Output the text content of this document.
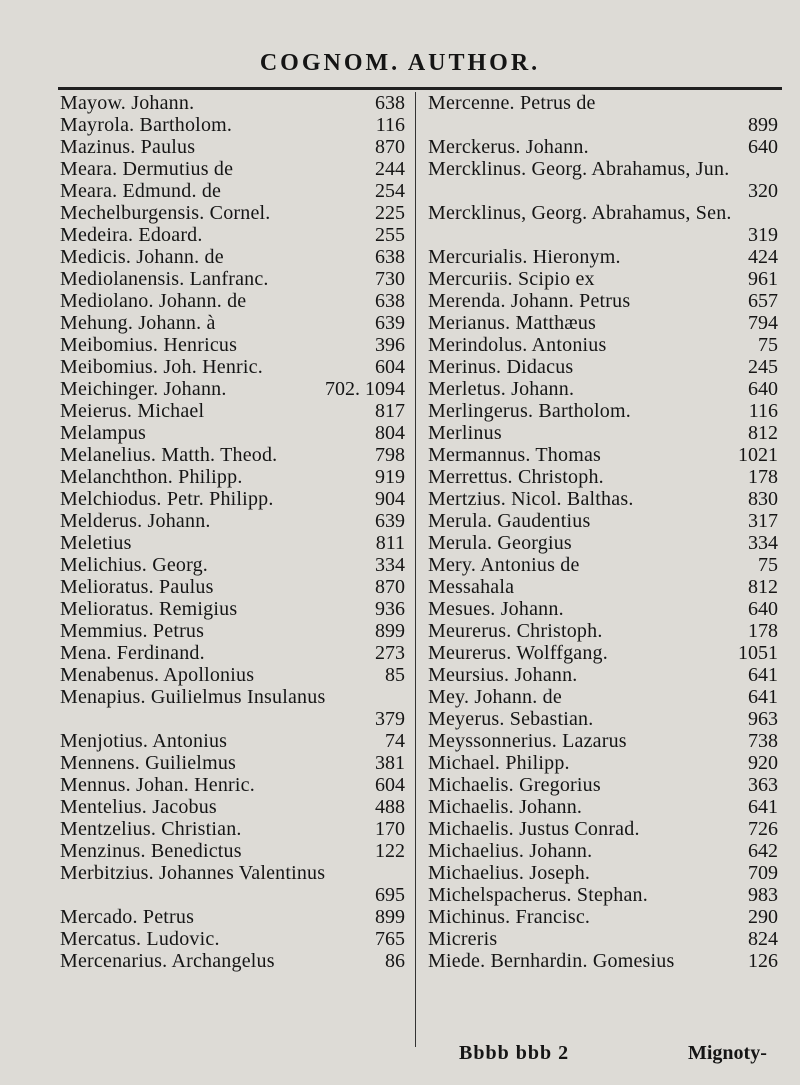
COGNOM. AUTHOR.
Mayow. Johann.	638
Mayrola. Bartholom.	116
Mazinus. Paulus	870
Meara. Dermutius de	244
Meara. Edmund. de	254
Mechelburgensis. Cornel.	225
Medeira. Edoard.	255
Medicis. Johann. de	638
Mediolanensis. Lanfranc.	730
Mediolano. Johann. de	638
Mehung. Johann. à	639
Meibomius. Henricus	396
Meibomius. Joh. Henric.	604
Meichinger. Johann.	702. 1094
Meierus. Michael	817
Melampus	804
Melanelius. Matth. Theod.	798
Melanchthon. Philipp.	919
Melchiodus. Petr. Philipp.	904
Melderus. Johann.	639
Meletius	811
Melichius. Georg.	334
Melioratus. Paulus	870
Melioratus. Remigius	936
Memmius. Petrus	899
Mena. Ferdinand.	273
Menabenus. Apollonius	85
Menapius. Guilielmus Insulanus
379
Menjotius. Antonius	74
Mennens. Guilielmus	381
Mennus. Johan. Henric.	604
Mentelius. Jacobus	488
Mentzelius. Christian.	170
Menzinus. Benedictus	122
Merbitzius. Johannes Valentinus
695
Mercado. Petrus	899
Mercatus. Ludovic.	765
Mercenarius. Archangelus	86
Mercenne. Petrus de
899
Merckerus. Johann.	640
Mercklinus. Georg. Abrahamus, Jun.
320
Mercklinus, Georg. Abrahamus, Sen.
319
Mercurialis. Hieronym.	424
Mercuriis. Scipio ex	961
Merenda. Johann. Petrus	657
Merianus. Matthæus	794
Merindolus. Antonius	75
Merinus. Didacus	245
Merletus. Johann.	640
Merlingerus. Bartholom.	116
Merlinus	812
Mermannus. Thomas	1021
Merrettus. Christoph.	178
Mertzius. Nicol. Balthas.	830
Merula. Gaudentius	317
Merula. Georgius	334
Mery. Antonius de	75
Messahala	812
Mesues. Johann.	640
Meurerus. Christoph.	178
Meurerus. Wolffgang.	1051
Meursius. Johann.	641
Mey. Johann. de	641
Meyerus. Sebastian.	963
Meyssonnerius. Lazarus	738
Michael. Philipp.	920
Michaelis. Gregorius	363
Michaelis. Johann.	641
Michaelis. Justus Conrad.	726
Michaelius. Johann.	642
Michaelius. Joseph.	709
Michelspacherus. Stephan.	983
Michinus. Francisc.	290
Micreris	824
Miede. Bernhardin. Gomesius	126
Bbbb bbb 2	Mignoty-
